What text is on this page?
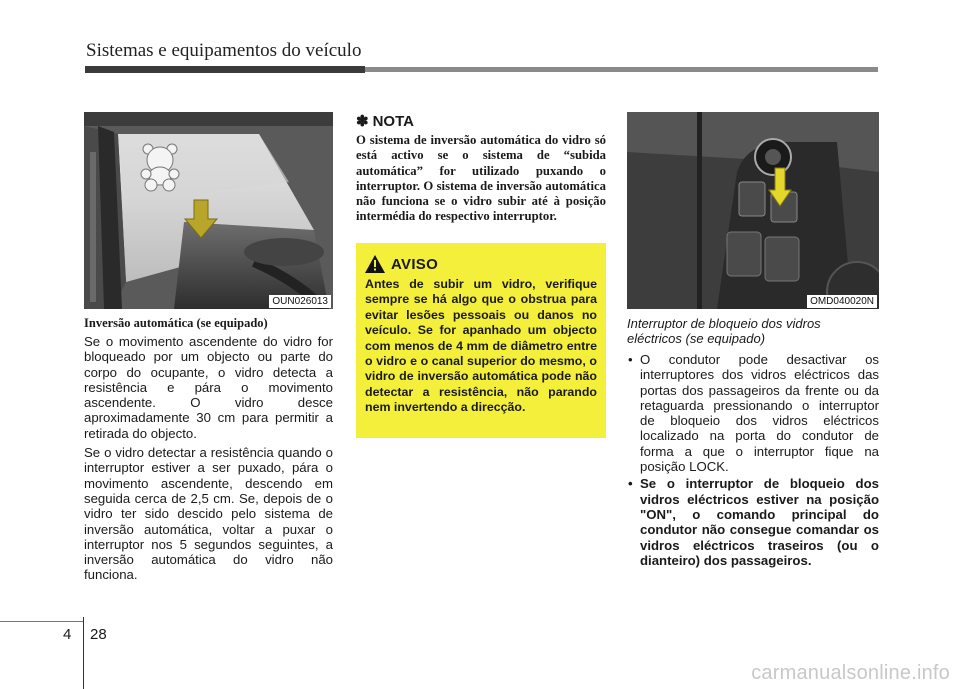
Sistemas e equipamentos do veículo
OUN026013	OMD040020N

Inversão automática (se equipado)

Se o movimento ascendente do vidro for bloqueado por um objecto ou parte do corpo do ocupante, o vidro detecta a resistência e pára o movimento ascendente. O vidro desce aproximadamente 30 cm para permitir a retirada do objecto.

Se o vidro detectar a resistência quando o interruptor estiver a ser puxado, pára o movimento ascendente, descendo em seguida cerca de 2,5 cm. Se, depois de o vidro ter sido descido pelo sistema de inversão automática, voltar a puxar o interruptor nos 5 segundos seguintes, a inversão automática do vidro não funciona.

✽ NOTA

O sistema de inversão automática do vidro só está activo se o sistema de “subida automática” for utilizado puxando o interruptor. O sistema de inversão automática não funciona se o vidro subir até à posição intermédia do respectivo interruptor.

AVISO

Antes de subir um vidro, verifique sempre se há algo que o obstrua para evitar lesões pessoais ou danos no veículo. Se for apanhado um objecto com menos de 4 mm de diâmetro entre o vidro e o canal superior do mesmo, o vidro de inversão automática pode não detectar a resistência, não parando nem invertendo a direcção.

Interruptor de bloqueio dos vidros eléctricos (se equipado)

• O condutor pode desactivar os interruptores dos vidros eléctricos das portas dos passageiros da frente ou da retaguarda pressionando o interruptor de bloqueio dos vidros eléctricos localizado na porta do condutor de forma a que o interruptor fique na posição LOCK.
• Se o interruptor de bloqueio dos vidros eléctricos estiver na posição "ON", o comando principal do condutor não consegue comandar os vidros eléctricos traseiros (ou o dianteiro) dos passageiros.
4 28
carmanualsonline.info
